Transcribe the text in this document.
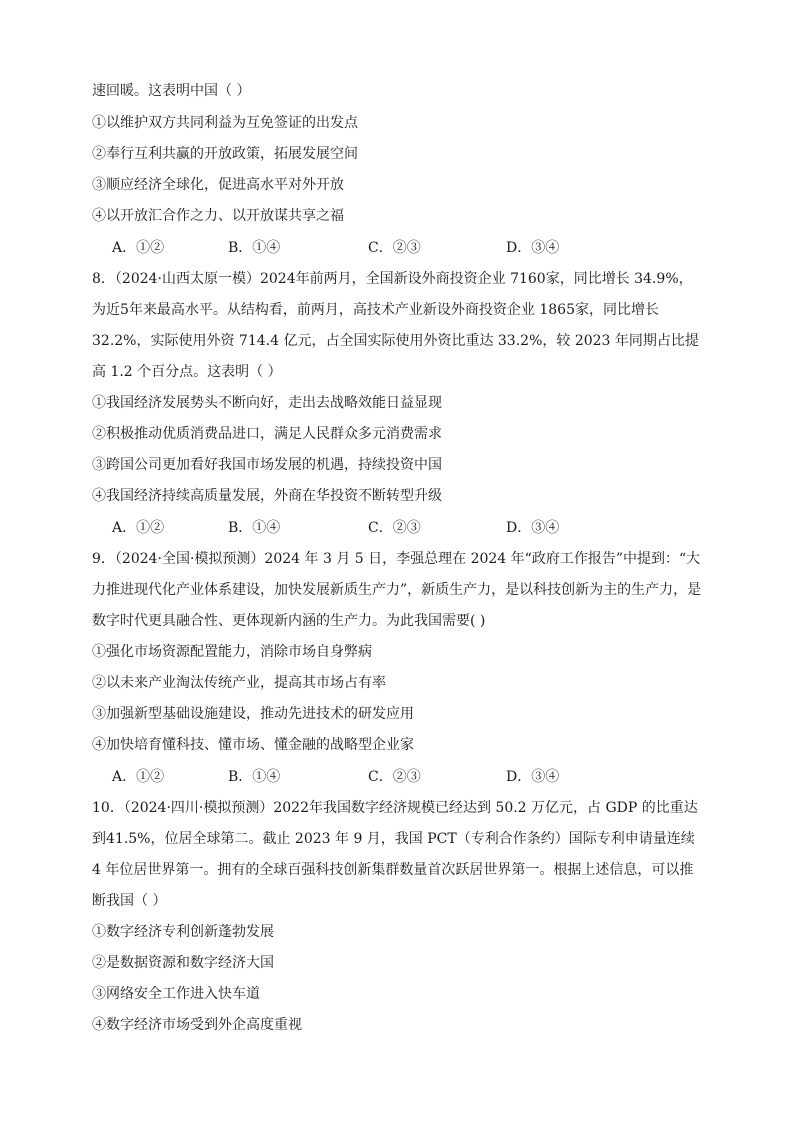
速回暖。这表明中国（ ）
①以维护双方共同利益为互免签证的出发点
②奉行互利共赢的开放政策，拓展发展空间
③顺应经济全球化，促进高水平对外开放
④以开放汇合作之力、以开放谋共享之福
A．①②	B．①④	C．②③	D．③④
8．（2024·山西太原一模）2024年前两月，全国新设外商投资企业 7160家，同比增长 34.9%，为近5年来最高水平。从结构看，前两月，高技术产业新设外商投资企业 1865家，同比增长 32.2%，实际使用外资 714.4 亿元，占全国实际使用外资比重达 33.2%，较 2023 年同期占比提高 1.2 个百分点。这表明（ ）
①我国经济发展势头不断向好，走出去战略效能日益显现
②积极推动优质消费品进口，满足人民群众多元消费需求
③跨国公司更加看好我国市场发展的机遇，持续投资中国
④我国经济持续高质量发展，外商在华投资不断转型升级
A．①②	B．①④	C．②③	D．③④
9．（2024·全国·模拟预测）2024 年 3 月 5 日，李强总理在 2024 年“政府工作报告”中提到：“大力推进现代化产业体系建设，加快发展新质生产力”，新质生产力，是以科技创新为主的生产力，是数字时代更具融合性、更体现新内涵的生产力。为此我国需要( )
①强化市场资源配置能力，消除市场自身弊病
②以未来产业淘汰传统产业，提高其市场占有率
③加强新型基础设施建设，推动先进技术的研发应用
④加快培育懂科技、懂市场、懂金融的战略型企业家
A．①②	B．①④	C．②③	D．③④
10．（2024·四川·模拟预测）2022年我国数字经济规模已经达到 50.2 万亿元，占 GDP 的比重达到41.5%，位居全球第二。截止 2023 年 9 月，我国 PCT（专利合作条约）国际专利申请量连续 4 年位居世界第一。拥有的全球百强科技创新集群数量首次跃居世界第一。根据上述信息，可以推断我国（ ）
①数字经济专利创新蓬勃发展
②是数据资源和数字经济大国
③网络安全工作进入快车道
④数字经济市场受到外企高度重视
